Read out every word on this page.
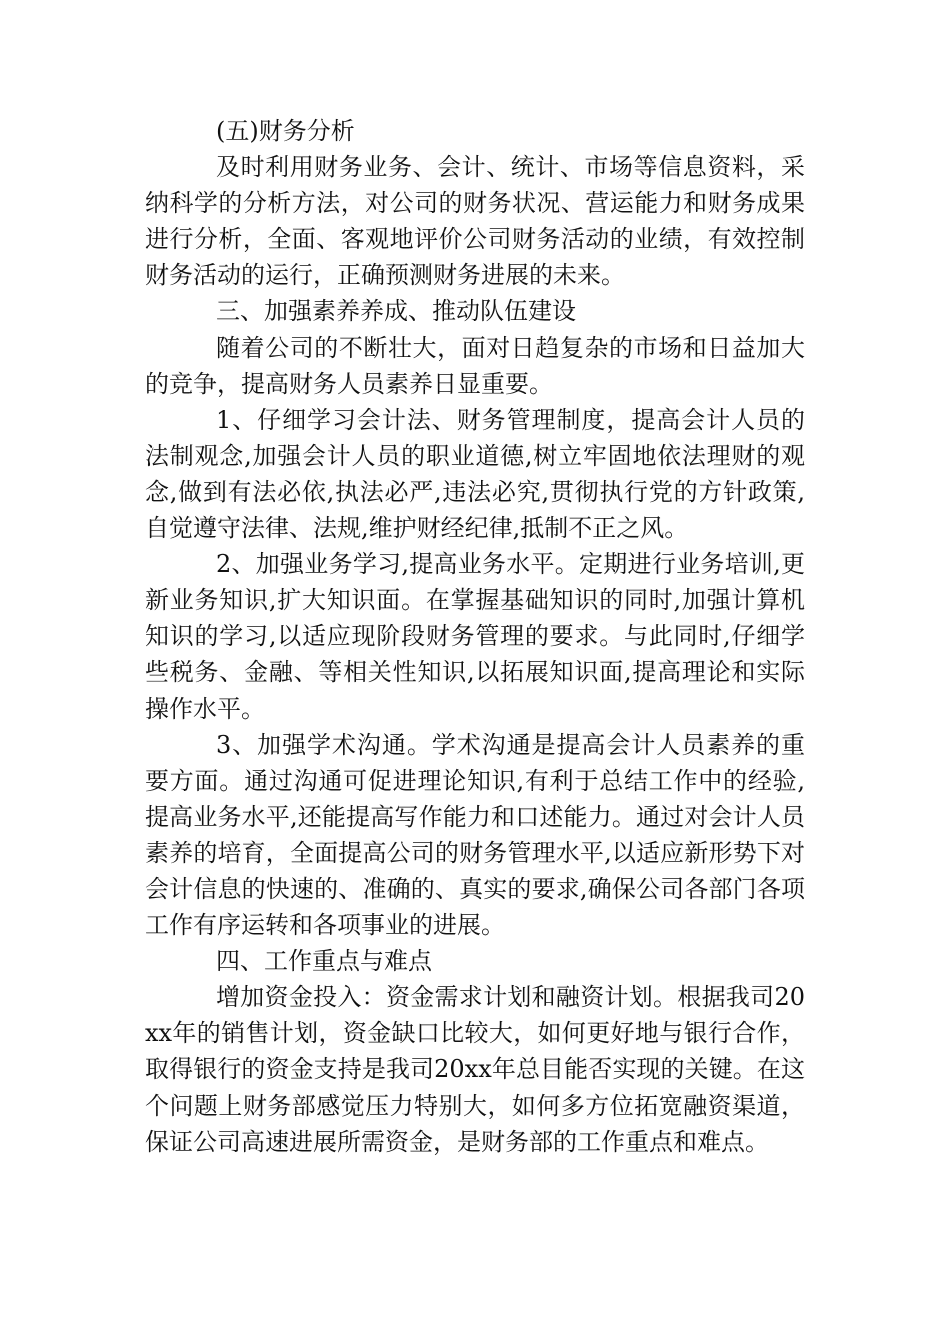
(五)财务分析

及时利用财务业务、会计、统计、市场等信息资料，采纳科学的分析方法，对公司的财务状况、营运能力和财务成果进行分析，全面、客观地评价公司财务活动的业绩，有效控制财务活动的运行，正确预测财务进展的未来。

三、加强素养养成、推动队伍建设

随着公司的不断壮大，面对日趋复杂的市场和日益加大的竞争，提高财务人员素养日显重要。

1、仔细学习会计法、财务管理制度，提高会计人员的法制观念,加强会计人员的职业道德,树立牢固地依法理财的观念,做到有法必依,执法必严,违法必究,贯彻执行党的方针政策,自觉遵守法律、法规,维护财经纪律,抵制不正之风。

2、加强业务学习,提高业务水平。定期进行业务培训,更新业务知识,扩大知识面。在掌握基础知识的同时,加强计算机知识的学习,以适应现阶段财务管理的要求。与此同时,仔细学些税务、金融、等相关性知识,以拓展知识面,提高理论和实际操作水平。

3、加强学术沟通。学术沟通是提高会计人员素养的重要方面。通过沟通可促进理论知识,有利于总结工作中的经验,提高业务水平,还能提高写作能力和口述能力。通过对会计人员素养的培育，全面提高公司的财务管理水平,以适应新形势下对会计信息的快速的、准确的、真实的要求,确保公司各部门各项工作有序运转和各项事业的进展。

四、工作重点与难点

增加资金投入：资金需求计划和融资计划。根据我司20xx年的销售计划，资金缺口比较大，如何更好地与银行合作，取得银行的资金支持是我司20xx年总目能否实现的关键。在这个问题上财务部感觉压力特别大，如何多方位拓宽融资渠道，保证公司高速进展所需资金，是财务部的工作重点和难点。
